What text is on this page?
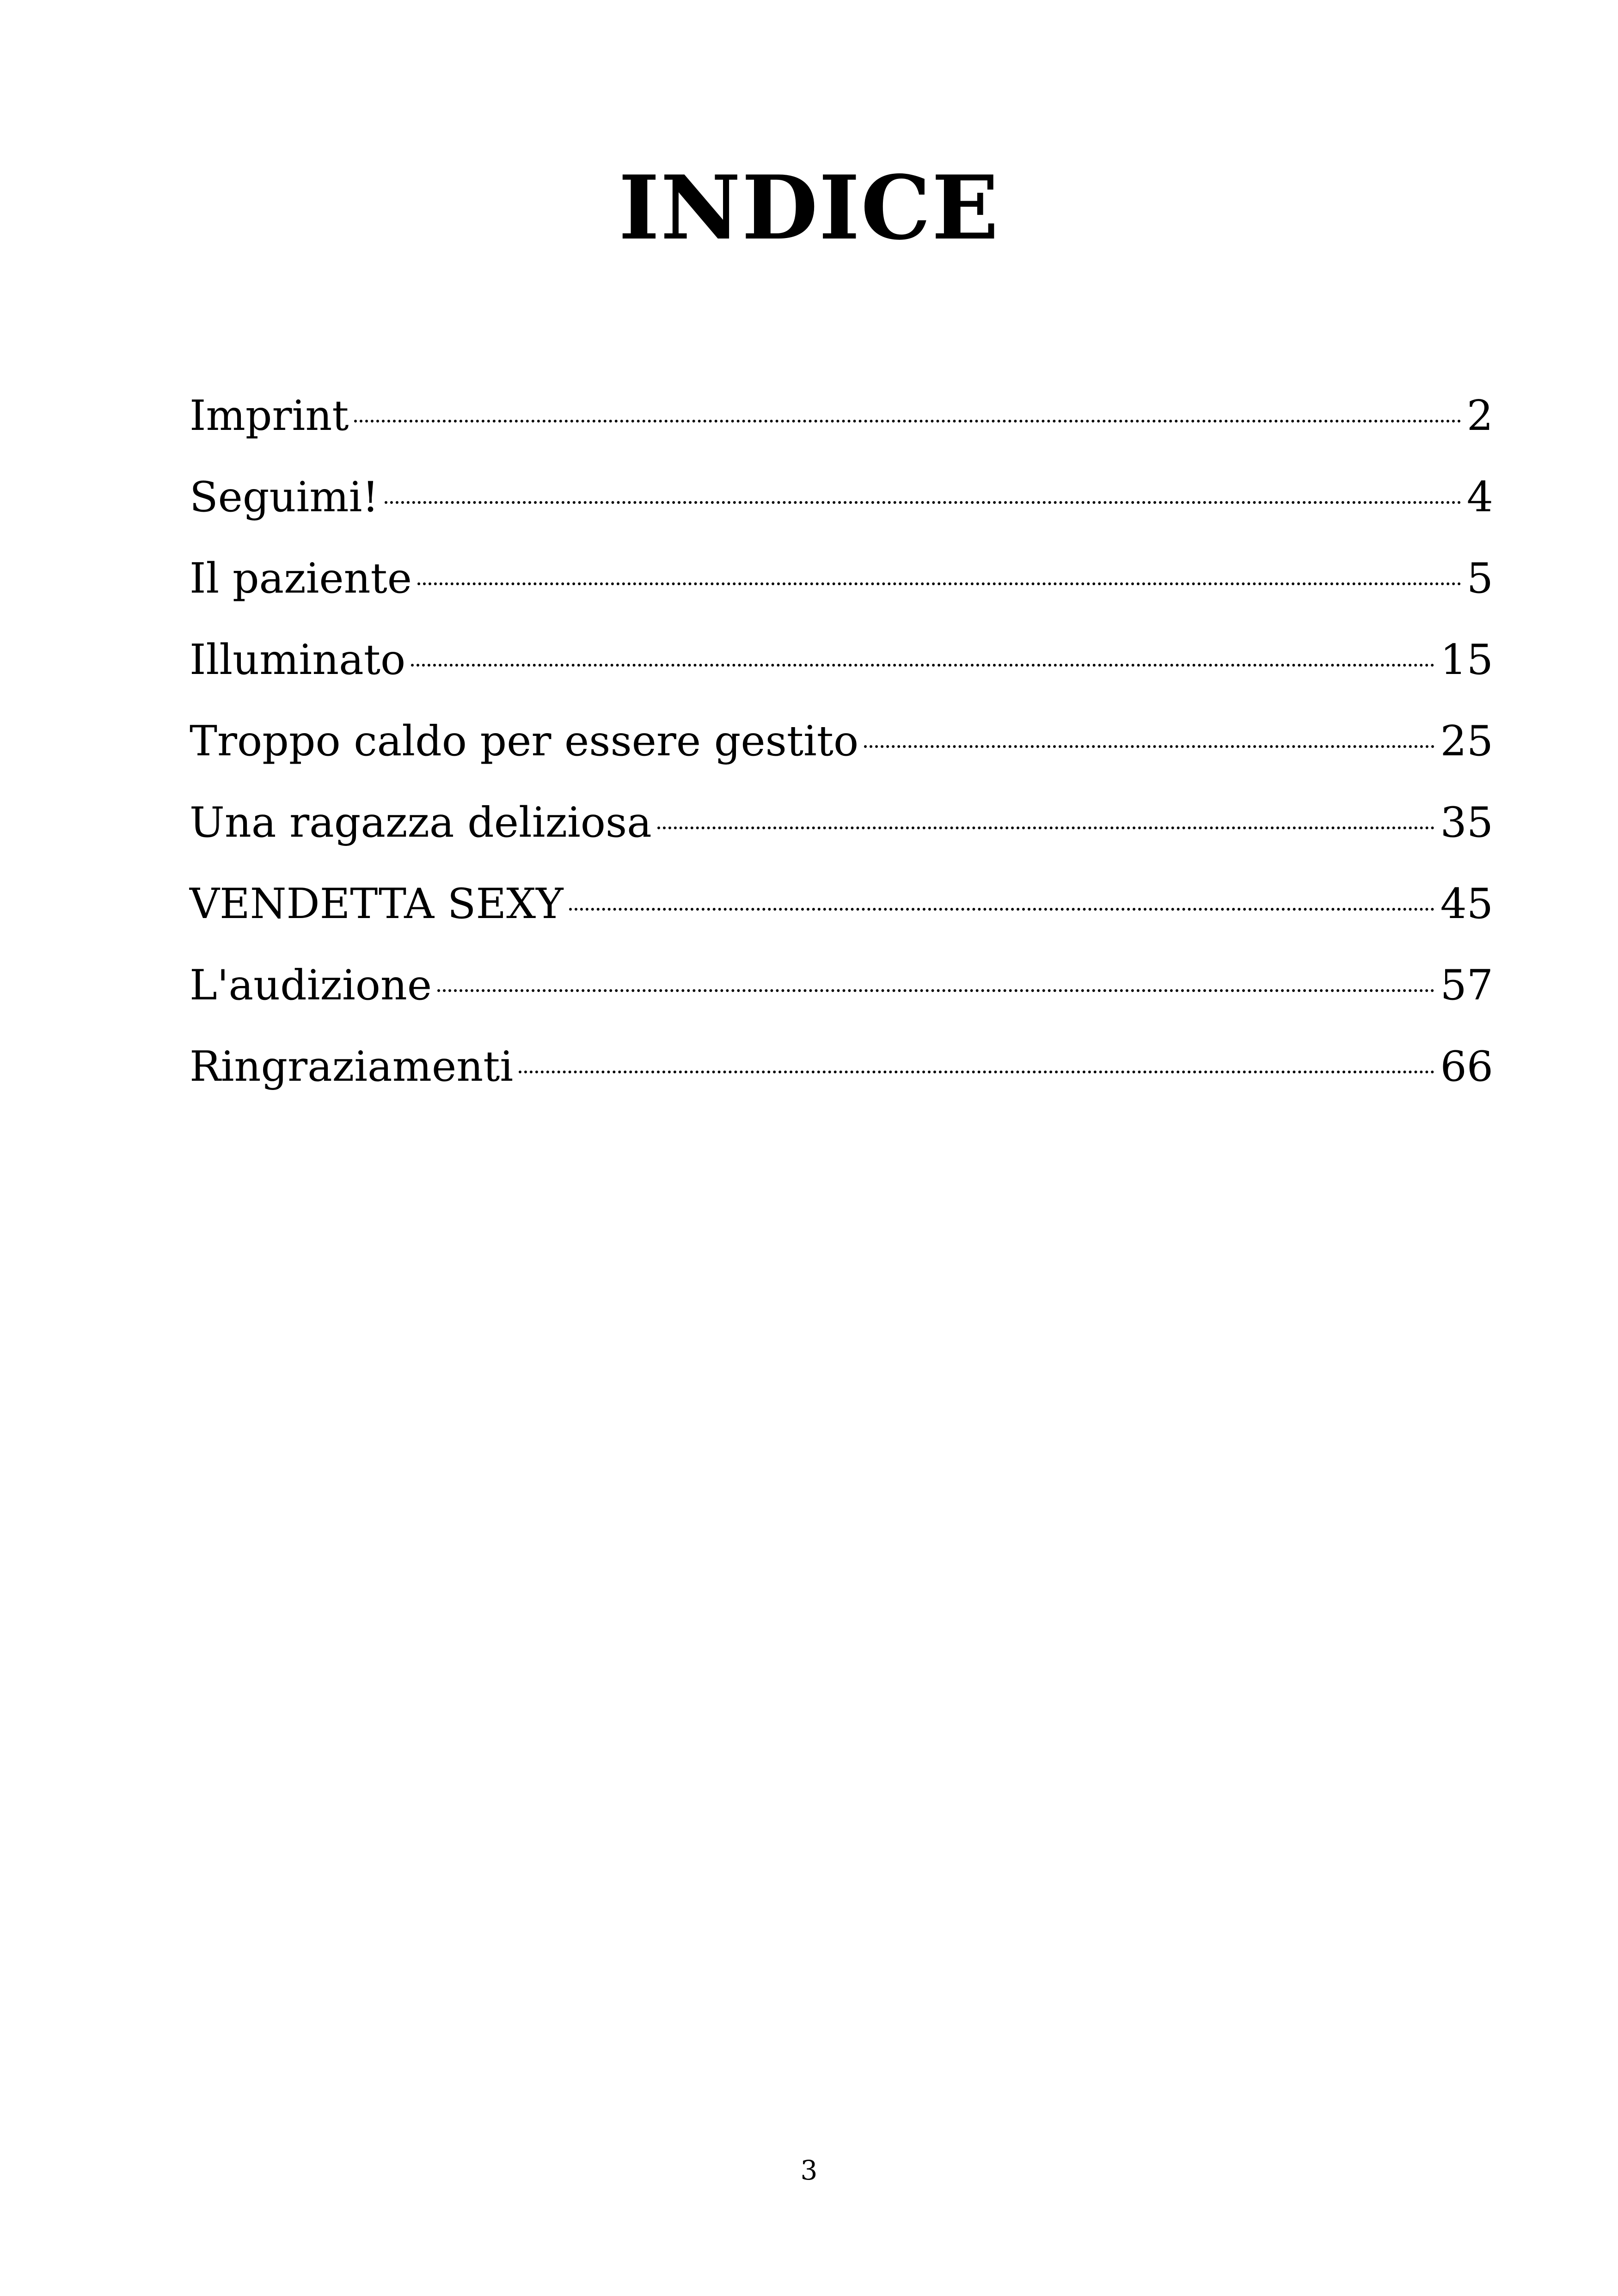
INDICE
Imprint	2
Seguimi!	4
Il paziente	5
Illuminato	15
Troppo caldo per essere gestito	25
Una ragazza deliziosa	35
VENDETTA SEXY	45
L'audizione	57
Ringraziamenti	66
3
